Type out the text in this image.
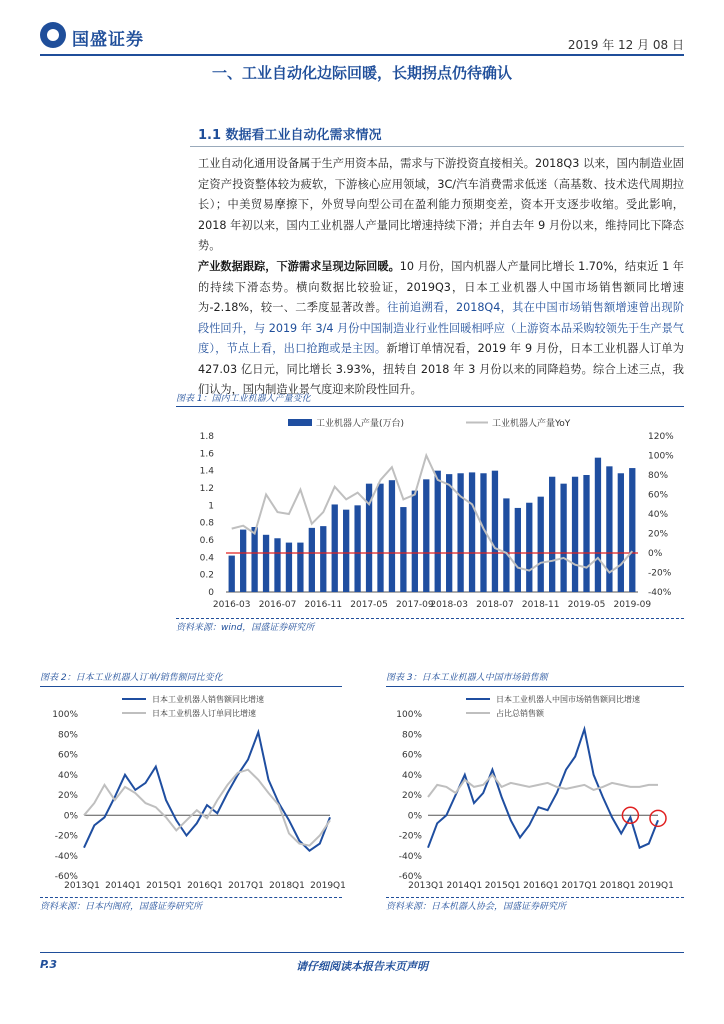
国盛证券	2019 年 12 月 08 日
一、工业自动化边际回暖，长期拐点仍待确认
1.1 数据看工业自动化需求情况
工业自动化通用设备属于生产用资本品，需求与下游投资直接相关。2018Q3 以来，国内制造业固定资产投资整体较为疲软，下游核心应用领域，3C/汽车消费需求低迷（高基数、技术迭代周期拉长）；中美贸易摩擦下，外贸导向型公司在盈利能力预期变差，资本开支逐步收缩。受此影响，2018 年初以来，国内工业机器人产量同比增速持续下滑；并自去年 9 月份以来，维持同比下降态势。
产业数据跟踪，下游需求呈现边际回暖。10 月份，国内机器人产量同比增长 1.70%，结束近 1 年的持续下滑态势。横向数据比较验证，2019Q3，日本工业机器人中国市场销售额同比增速为-2.18%，较一、二季度显著改善。往前追溯看，2018Q4，其在中国市场销售额增速曾出现阶段性回升，与 2019 年 3/4 月份中国制造业行业性回暖相呼应（上游资本品采购较领先于生产景气度），节点上看，出口抢跑或是主因。新增订单情况看，2019 年 9 月份，日本工业机器人订单为 427.03 亿日元，同比增长 3.93%，扭转自 2018 年 3 月份以来的同降趋势。综合上述三点，我们认为，国内制造业景气度迎来阶段性回升。
图表 1：国内工业机器人产量变化
工业机器人产量(万台)	工业机器人产量YoY
0
0.2
0.4
0.6
0.8
1
1.2
1.4
1.6
1.8	120%
100%
80%
60%
40%
20%
0%
-20%
-40%
2016-03 2016-07 2016-11 2017-05 2017-09
2018-03 2018-07 2018-11 2019-05 2019-09
资料来源：wind，国盛证券研究所
图表 2：日本工业机器人订单/销售额同比变化
日本工业机器人销售额同比增速
日本工业机器人订单同比增速
100%
80%
60%
40%
20%
0%
-20%
-40%
-60%
2013Q1 2014Q1 2015Q1 2016Q1 2017Q1 2018Q1 2019Q1
资料来源：日本内阁府，国盛证券研究所
图表 3：日本工业机器人中国市场销售额
日本工业机器人中国市场销售额同比增速
占比总销售额
100%
80%
60%
40%
20%
0%
-20%
-40%
-60%
2013Q1 2014Q1 2015Q1 2016Q1 2017Q1 2018Q1 2019Q1
资料来源：日本机器人协会，国盛证券研究所
P.3	请仔细阅读本报告末页声明
